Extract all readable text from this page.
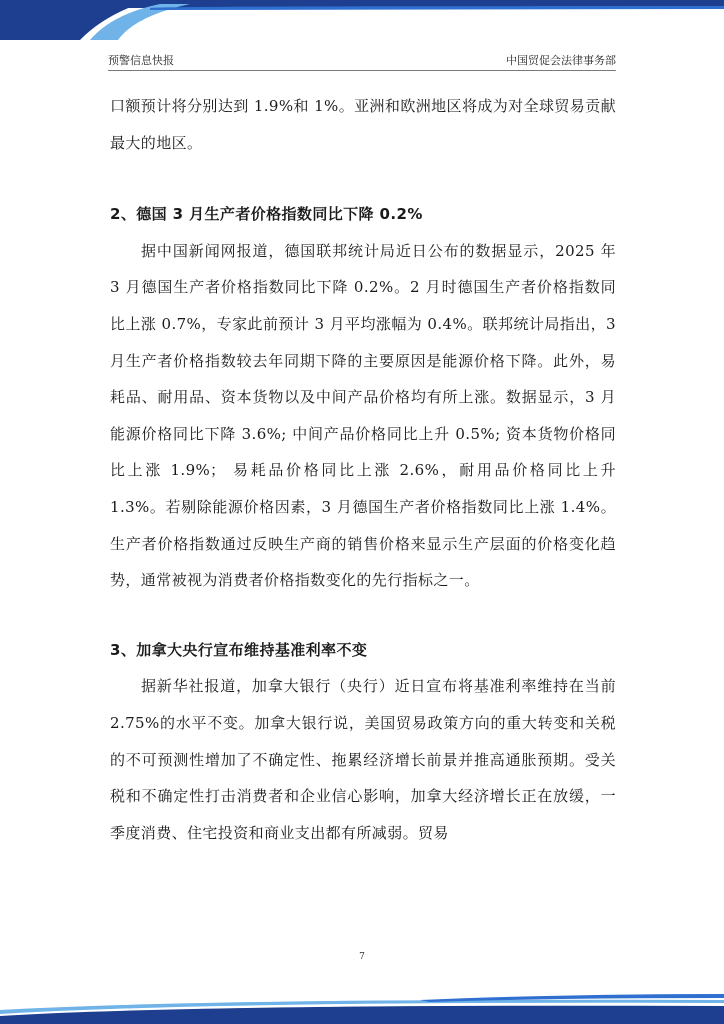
预警信息快报	中国贸促会法律事务部

口额预计将分别达到 1.9%和 1%。亚洲和欧洲地区将成为对全球贸易贡献最大的地区。

2、德国 3 月生产者价格指数同比下降 0.2%

据中国新闻网报道，德国联邦统计局近日公布的数据显示，2025 年 3 月德国生产者价格指数同比下降 0.2%。2 月时德国生产者价格指数同比上涨 0.7%，专家此前预计 3 月平均涨幅为 0.4%。联邦统计局指出，3 月生产者价格指数较去年同期下降的主要原因是能源价格下降。此外，易耗品、耐用品、资本货物以及中间产品价格均有所上涨。数据显示，3 月能源价格同比下降 3.6%; 中间产品价格同比上升 0.5%; 资本货物价格同比上涨 1.9%； 易耗品价格同比上涨 2.6%，耐用品价格同比上升 1.3%。若剔除能源价格因素，3 月德国生产者价格指数同比上涨 1.4%。生产者价格指数通过反映生产商的销售价格来显示生产层面的价格变化趋势，通常被视为消费者价格指数变化的先行指标之一。

3、加拿大央行宣布维持基准利率不变

据新华社报道，加拿大银行（央行）近日宣布将基准利率维持在当前 2.75%的水平不变。加拿大银行说，美国贸易政策方向的重大转变和关税的不可预测性增加了不确定性、拖累经济增长前景并推高通胀预期。受关税和不确定性打击消费者和企业信心影响，加拿大经济增长正在放缓，一季度消费、住宅投资和商业支出都有所减弱。贸易

7
